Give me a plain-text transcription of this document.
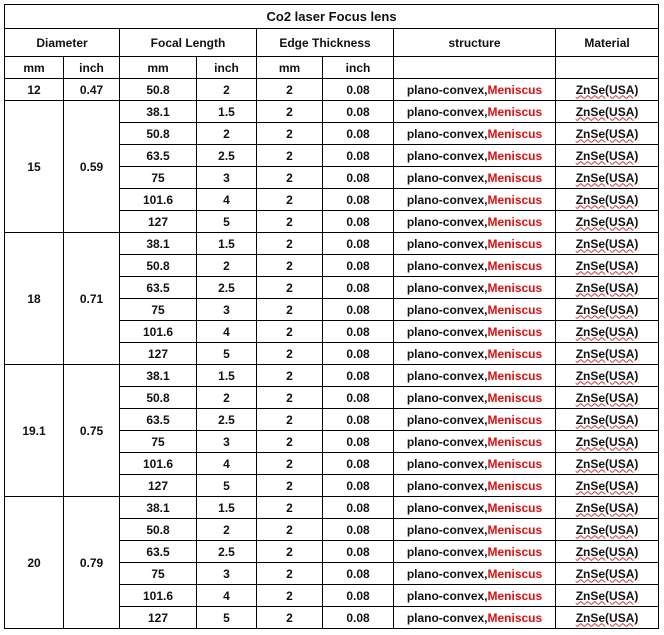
Co2 laser Focus lens							
Diameter		Focal Length		Edge Thickness		structure	Material
mm	inch	mm	inch	mm	inch		
12	0.47	50.8	2	2	0.08	plano-convex,Meniscus	ZnSe(USA)
15	0.59	38.1	1.5	2	0.08	plano-convex,Meniscus	ZnSe(USA)
		50.8	2	2	0.08	plano-convex,Meniscus	ZnSe(USA)
		63.5	2.5	2	0.08	plano-convex,Meniscus	ZnSe(USA)
		75	3	2	0.08	plano-convex,Meniscus	ZnSe(USA)
		101.6	4	2	0.08	plano-convex,Meniscus	ZnSe(USA)
		127	5	2	0.08	plano-convex,Meniscus	ZnSe(USA)
18	0.71	38.1	1.5	2	0.08	plano-convex,Meniscus	ZnSe(USA)
		50.8	2	2	0.08	plano-convex,Meniscus	ZnSe(USA)
		63.5	2.5	2	0.08	plano-convex,Meniscus	ZnSe(USA)
		75	3	2	0.08	plano-convex,Meniscus	ZnSe(USA)
		101.6	4	2	0.08	plano-convex,Meniscus	ZnSe(USA)
		127	5	2	0.08	plano-convex,Meniscus	ZnSe(USA)
19.1	0.75	38.1	1.5	2	0.08	plano-convex,Meniscus	ZnSe(USA)
		50.8	2	2	0.08	plano-convex,Meniscus	ZnSe(USA)
		63.5	2.5	2	0.08	plano-convex,Meniscus	ZnSe(USA)
		75	3	2	0.08	plano-convex,Meniscus	ZnSe(USA)
		101.6	4	2	0.08	plano-convex,Meniscus	ZnSe(USA)
		127	5	2	0.08	plano-convex,Meniscus	ZnSe(USA)
20	0.79	38.1	1.5	2	0.08	plano-convex,Meniscus	ZnSe(USA)
		50.8	2	2	0.08	plano-convex,Meniscus	ZnSe(USA)
		63.5	2.5	2	0.08	plano-convex,Meniscus	ZnSe(USA)
		75	3	2	0.08	plano-convex,Meniscus	ZnSe(USA)
		101.6	4	2	0.08	plano-convex,Meniscus	ZnSe(USA)
		127	5	2	0.08	plano-convex,Meniscus	ZnSe(USA)
